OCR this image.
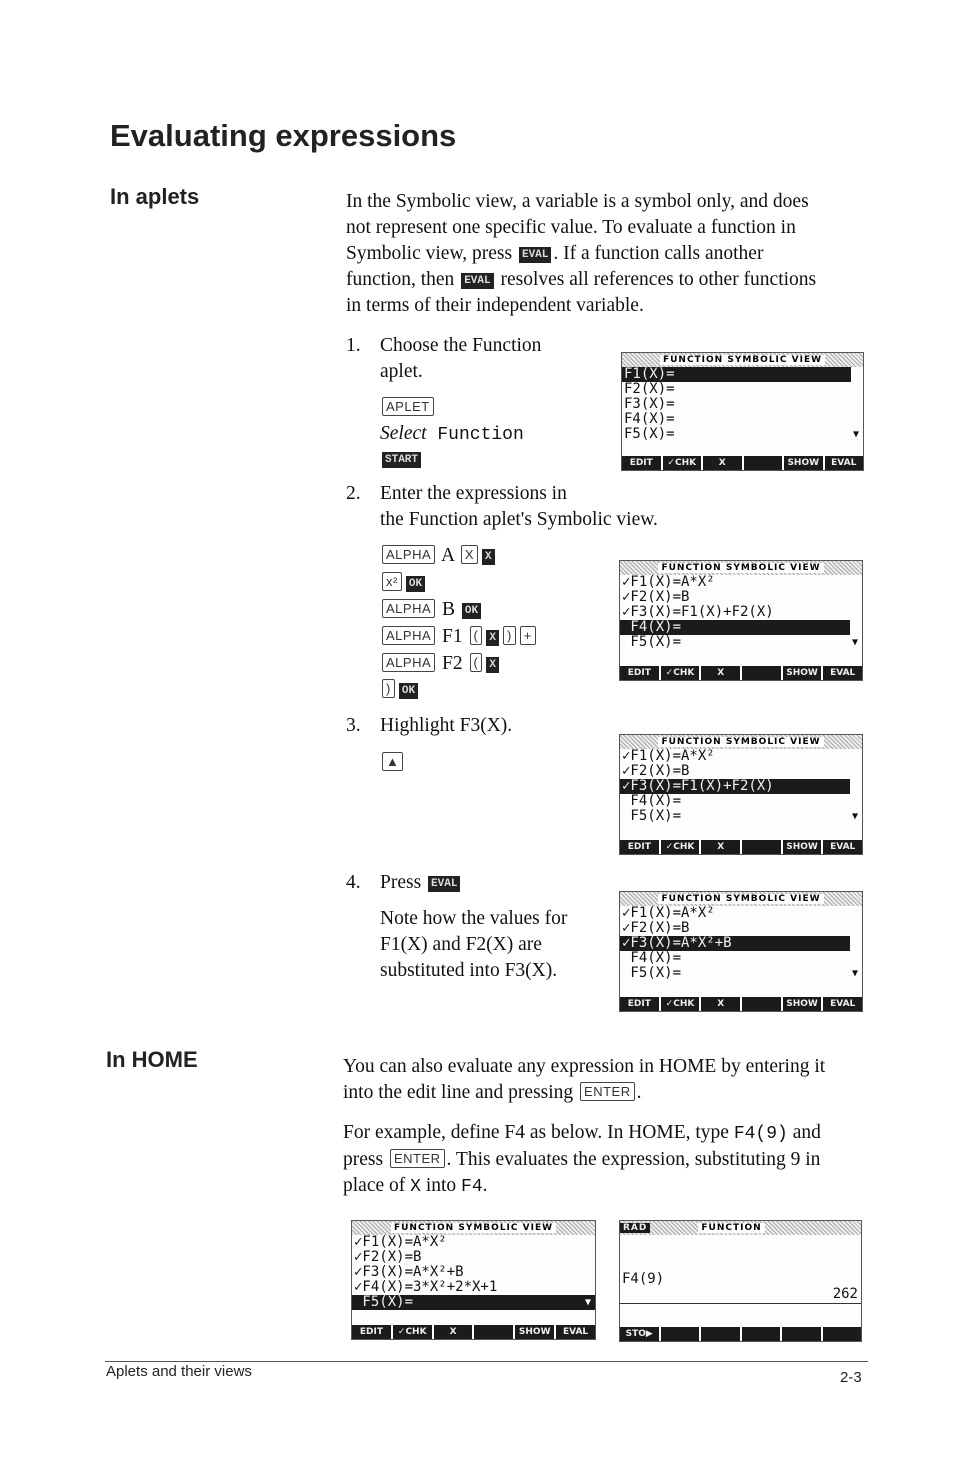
Evaluating expressions
In aplets	In the Symbolic view, a variable is a symbol only, and does
not represent one specific value. To evaluate a function in
Symbolic view, press EVAL . If a function calls another
function, then EVAL resolves all references to other functions
in terms of their independent variable.
1. Choose the Function
aplet.
APLET
Select Function
START
2. Enter the expressions in
the Function aplet's Symbolic view.
ALPHA A X X
x² OK
ALPHA B OK
ALPHA F1 ( X ) +
ALPHA F2 ( X
) OK
3. Highlight F3(X).
▲
4. Press EVAL
Note how the values for
F1(X) and F2(X) are
substituted into F3(X).
FUNCTION SYMBOLIC VIEW
F1(X)=
F2(X)=
F3(X)=
F4(X)=
F5(X)=	▼
EDIT	✓CHK	X	SHOW	EVAL
FUNCTION SYMBOLIC VIEW
✓F1(X)=A*X²
✓F2(X)=B
✓F3(X)=F1(X)+F2(X)
F4(X)=
F5(X)=	▼
EDIT	✓CHK	X	SHOW	EVAL
FUNCTION SYMBOLIC VIEW
✓F1(X)=A*X²
✓F2(X)=B
✓F3(X)=F1(X)+F2(X)
F4(X)=
F5(X)=	▼
EDIT	✓CHK	X	SHOW	EVAL
FUNCTION SYMBOLIC VIEW
✓F1(X)=A*X²
✓F2(X)=B
✓F3(X)=A*X²+B
F4(X)=
F5(X)=	▼
EDIT	✓CHK	X	SHOW	EVAL
In HOME	You can also evaluate any expression in HOME by entering it
into the edit line and pressing ENTER .
For example, define F4 as below. In HOME, type F4(9) and
press ENTER . This evaluates the expression, substituting 9 in
place of X into F4.
FUNCTION SYMBOLIC VIEW
✓F1(X)=A*X²
✓F2(X)=B
✓F3(X)=A*X²+B
✓F4(X)=3*X²+2*X+1
F5(X)=	▼
EDIT	✓CHK	X	SHOW	EVAL
RAD	FUNCTION
F4(9)
262
STO▶
Aplets and their views	2-3
